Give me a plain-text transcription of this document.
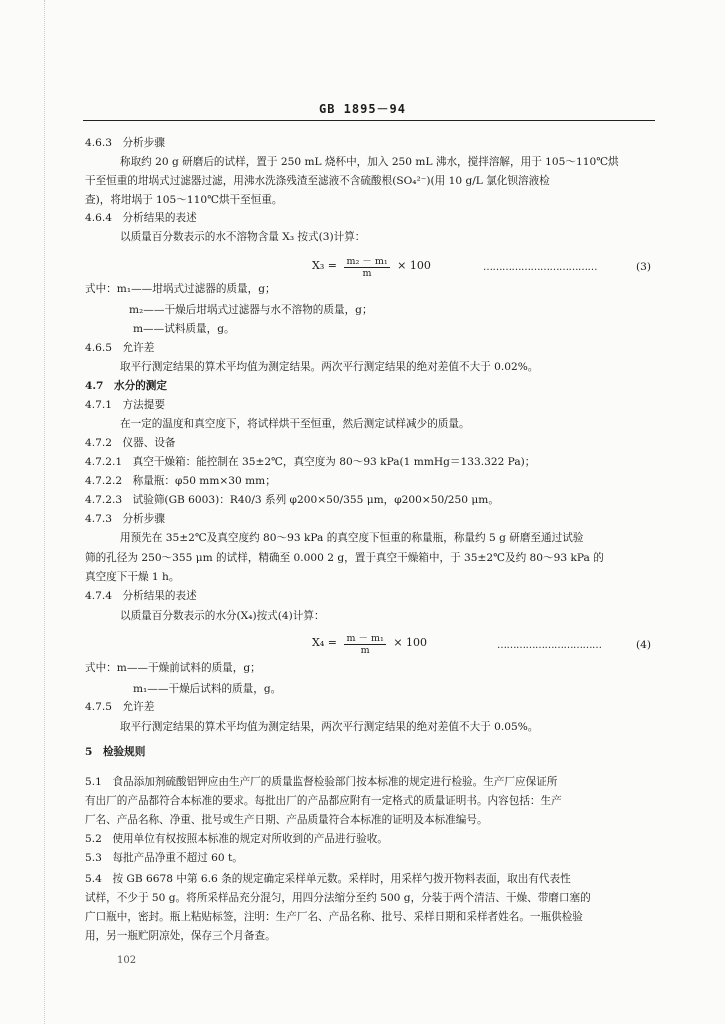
GB 1895－94
4.6.3　分析步骤
称取约 20 g 研磨后的试样，置于 250 mL 烧杯中，加入 250 mL 沸水，搅拌溶解，用于 105～110℃烘
干至恒重的坩埚式过滤器过滤，用沸水洗涤残渣至滤液不含硫酸根(SO₄²⁻)(用 10 g/L 氯化钡溶液检
查)，将坩埚于 105～110℃烘干至恒重。
4.6.4　分析结果的表述
以质量百分数表示的水不溶物含量 X₃ 按式(3)计算：
$X_3 = \frac{\text{m₂ － m₁}}{m} \times 100$	………………………………	(3)
式中：m₁——坩埚式过滤器的质量，g；
m₂——干燥后坩埚式过滤器与水不溶物的质量，g；
m——试料质量，g。
4.6.5　允许差
取平行测定结果的算术平均值为测定结果。两次平行测定结果的绝对差值不大于 0.02%。
4.7　水分的测定
4.7.1　方法提要
在一定的温度和真空度下，将试样烘干至恒重，然后测定试样减少的质量。
4.7.2　仪器、设备
4.7.2.1　真空干燥箱：能控制在 35±2℃，真空度为 80～93 kPa(1 mmHg＝133.322 Pa)；
4.7.2.2　称量瓶：φ50 mm×30 mm；
4.7.2.3　试验筛(GB 6003)：R40/3 系列 φ200×50/355 μm，φ200×50/250 μm。
4.7.3　分析步骤
用预先在 35±2℃及真空度约 80～93 kPa 的真空度下恒重的称量瓶，称量约 5 g 研磨至通过试验
筛的孔径为 250～355 μm 的试样，精确至 0.000 2 g，置于真空干燥箱中，于 35±2℃及约 80～93 kPa 的
真空度下干燥 1 h。
4.7.4　分析结果的表述
以质量百分数表示的水分(X₄)按式(4)计算：
$X_4 = \frac{\text{m － m₁}}{m} \times 100$	……………………………	(4)
式中：m——干燥前试料的质量，g；
m₁——干燥后试料的质量，g。
4.7.5　允许差
取平行测定结果的算术平均值为测定结果，两次平行测定结果的绝对差值不大于 0.05%。
5　检验规则
5.1　食品添加剂硫酸铝钾应由生产厂的质量监督检验部门按本标准的规定进行检验。生产厂应保证所
有出厂的产品都符合本标准的要求。每批出厂的产品都应附有一定格式的质量证明书。内容包括：生产
厂名、产品名称、净重、批号或生产日期、产品质量符合本标准的证明及本标准编号。
5.2　使用单位有权按照本标准的规定对所收到的产品进行验收。
5.3　每批产品净重不超过 60 t。
5.4　按 GB 6678 中第 6.6 条的规定确定采样单元数。采样时，用采样勺拨开物料表面，取出有代表性
试样，不少于 50 g。将所采样品充分混匀，用四分法缩分至约 500 g，分装于两个清洁、干燥、带磨口塞的
广口瓶中，密封。瓶上粘贴标签，注明：生产厂名、产品名称、批号、采样日期和采样者姓名。一瓶供检验
用，另一瓶贮阴凉处，保存三个月备查。
102
